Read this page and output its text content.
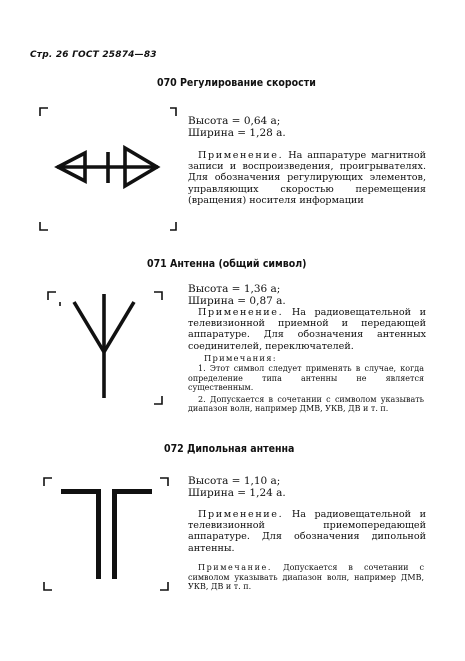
Стр. 26 ГОСТ 25874—83
070 Регулирование скорости
Высота = 0,64 a;
Ширина = 1,28 a.

Применение. На аппаратуре магнитной записи и воспроизведения, проигрывателях. Для обозначения регулирующих элементов, управляющих скоростью перемещения (вращения) носителя информации

071 Антенна (общий символ)
Высота = 1,36 a;
Ширина = 0,87 a.

Применение. На радиовещательной и телевизионной приемной и передающей аппаратуре. Для обозначения антенных соединителей, переключателей.

Примечания:

1. Этот символ следует применять в случае, когда определение типа антенны не является существенным.

2. Допускается в сочетании с символом указывать диапазон волн, например ДМВ, УКВ, ДВ и т. п.

072 Дипольная антенна
Высота = 1,10 a;
Ширина = 1,24 a.

Применение. На радиовещательной и телевизионной приемопередающей аппаратуре. Для обозначения дипольной антенны.

Примечание. Допускается в сочетании с символом указывать диапазон волн, например ДМВ, УКВ, ДВ и т. п.
